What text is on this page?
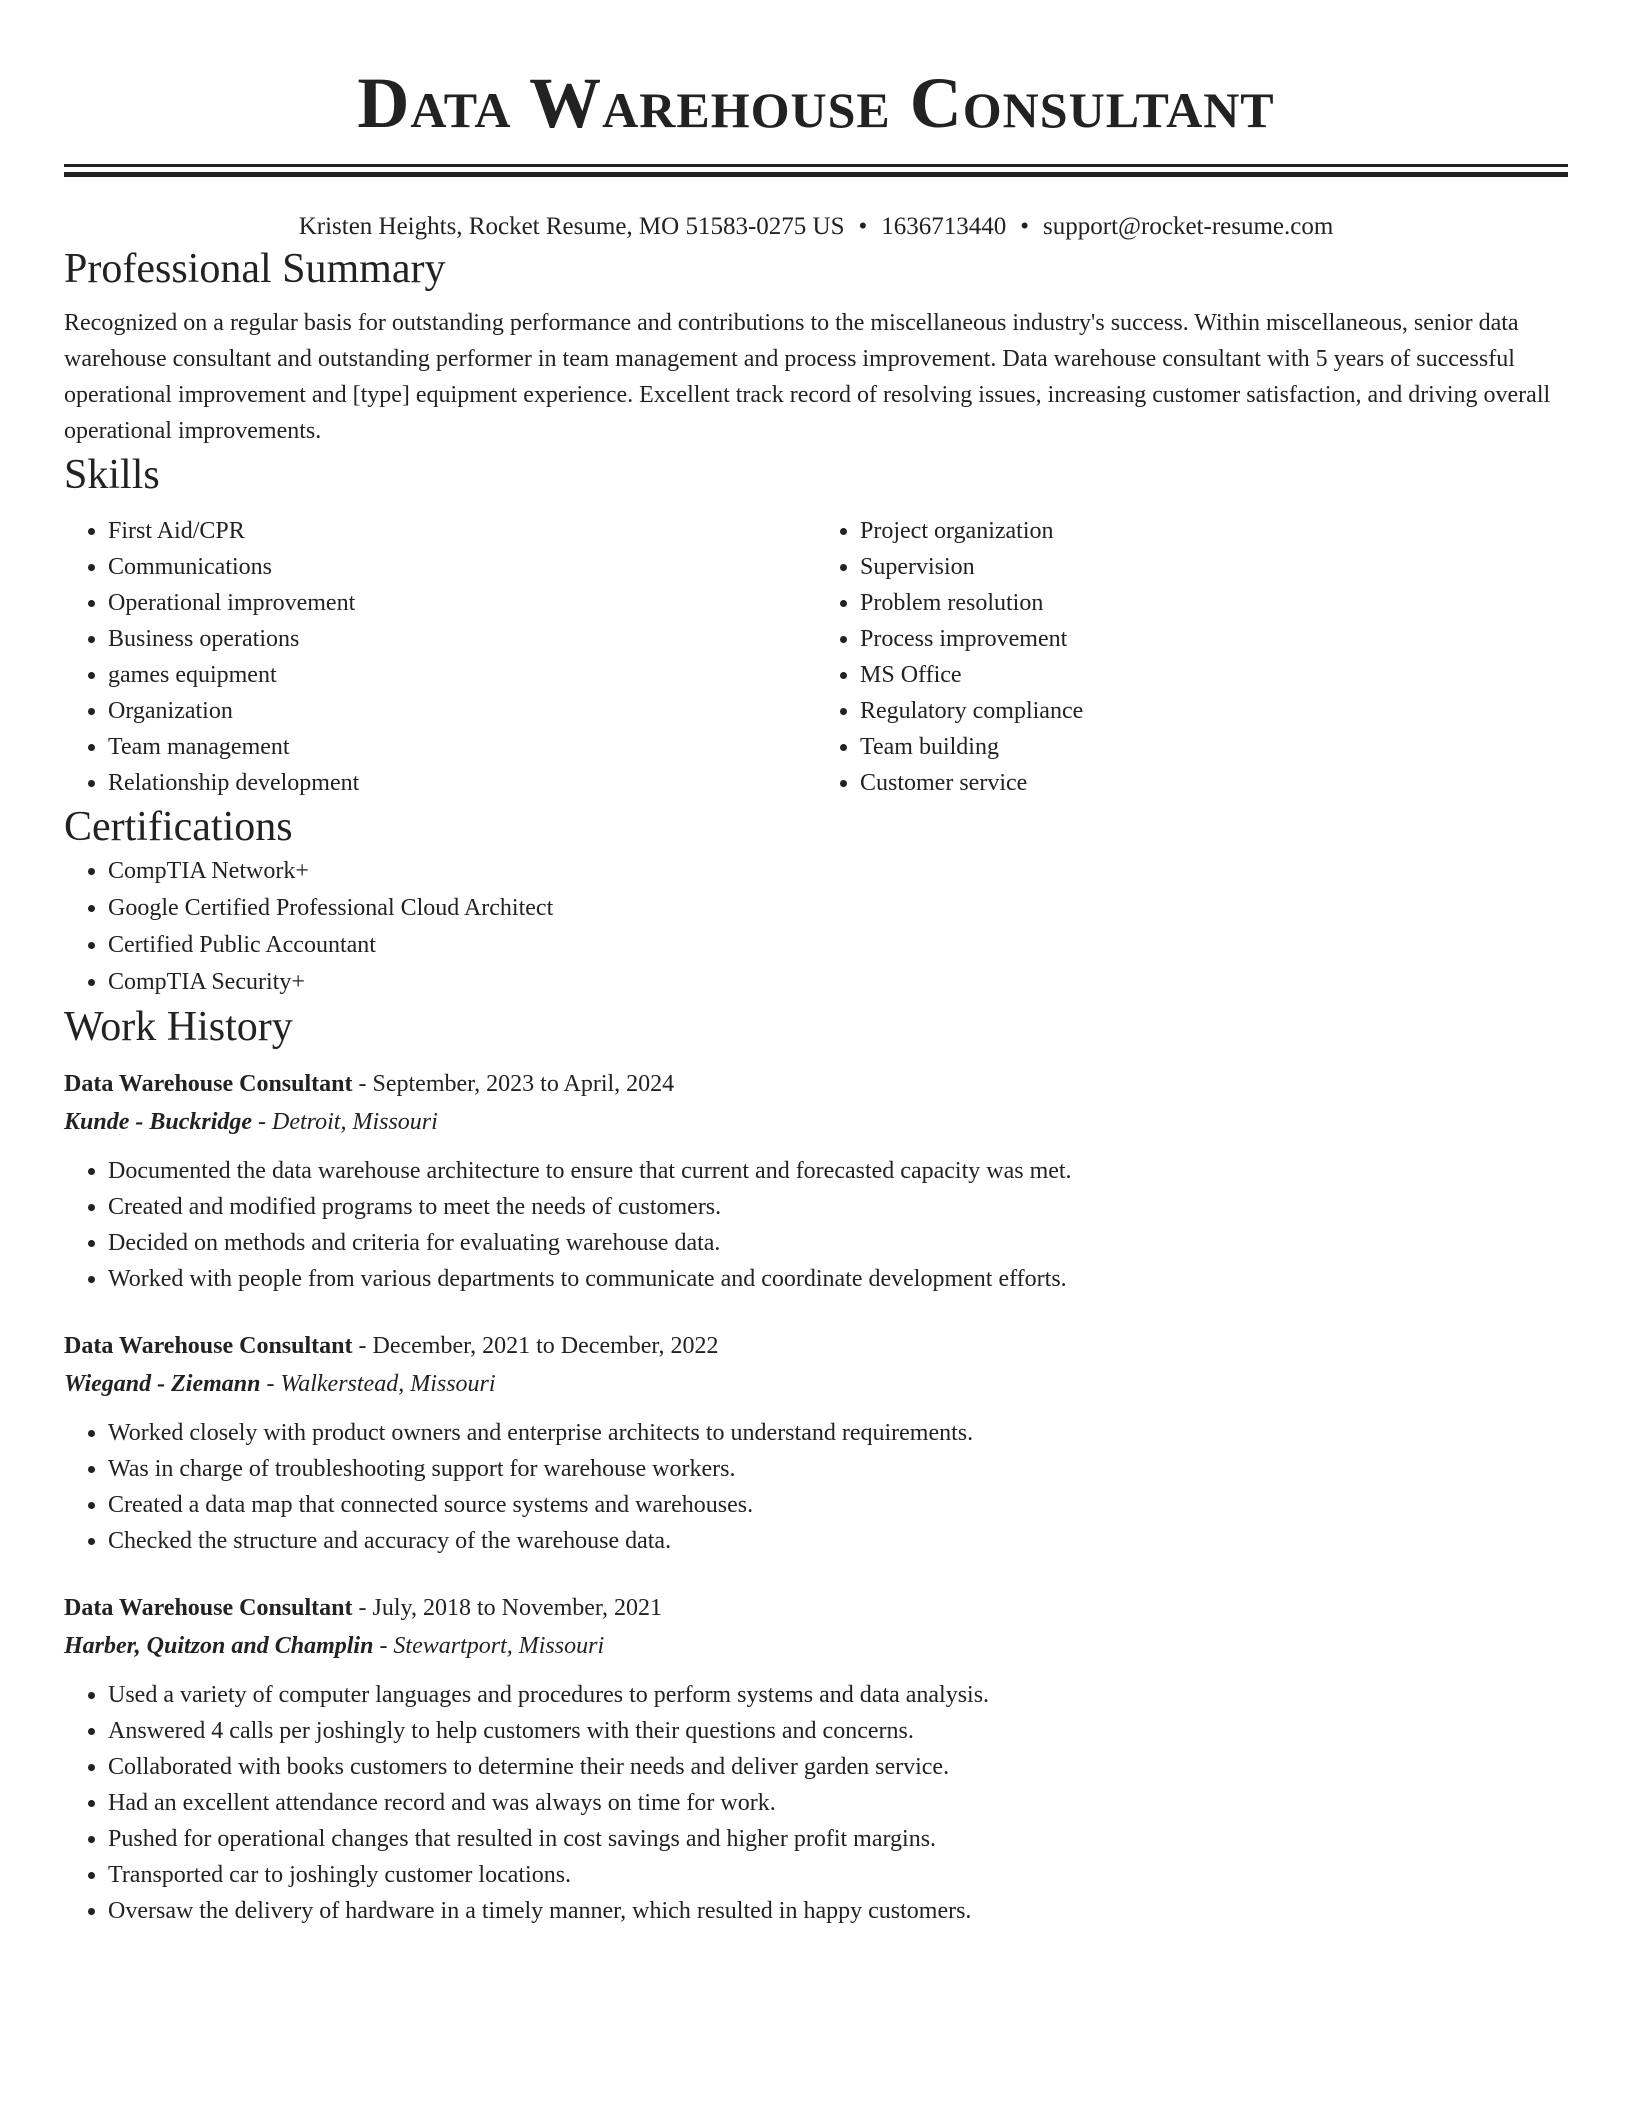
Data Warehouse Consultant
Kristen Heights, Rocket Resume, MO 51583-0275 US • 1636713440 • support@rocket-resume.com
Professional Summary

Recognized on a regular basis for outstanding performance and contributions to the miscellaneous industry's success. Within miscellaneous, senior data warehouse consultant and outstanding performer in team management and process improvement. Data warehouse consultant with 5 years of successful operational improvement and [type] equipment experience. Excellent track record of resolving issues, increasing customer satisfaction, and driving overall operational improvements.

Skills
• First Aid/CPR
• Communications
• Operational improvement
• Business operations
• games equipment
• Organization
• Team management
• Relationship development
• Project organization
• Supervision
• Problem resolution
• Process improvement
• MS Office
• Regulatory compliance
• Team building
• Customer service
Certifications
• CompTIA Network+
• Google Certified Professional Cloud Architect
• Certified Public Accountant
• CompTIA Security+
Work History
Data Warehouse Consultant - September, 2023 to April, 2024
Kunde - Buckridge - Detroit, Missouri
• Documented the data warehouse architecture to ensure that current and forecasted capacity was met.
• Created and modified programs to meet the needs of customers.
• Decided on methods and criteria for evaluating warehouse data.
• Worked with people from various departments to communicate and coordinate development efforts.
Data Warehouse Consultant - December, 2021 to December, 2022
Wiegand - Ziemann - Walkerstead, Missouri
• Worked closely with product owners and enterprise architects to understand requirements.
• Was in charge of troubleshooting support for warehouse workers.
• Created a data map that connected source systems and warehouses.
• Checked the structure and accuracy of the warehouse data.
Data Warehouse Consultant - July, 2018 to November, 2021
Harber, Quitzon and Champlin - Stewartport, Missouri
• Used a variety of computer languages and procedures to perform systems and data analysis.
• Answered 4 calls per joshingly to help customers with their questions and concerns.
• Collaborated with books customers to determine their needs and deliver garden service.
• Had an excellent attendance record and was always on time for work.
• Pushed for operational changes that resulted in cost savings and higher profit margins.
• Transported car to joshingly customer locations.
• Oversaw the delivery of hardware in a timely manner, which resulted in happy customers.
